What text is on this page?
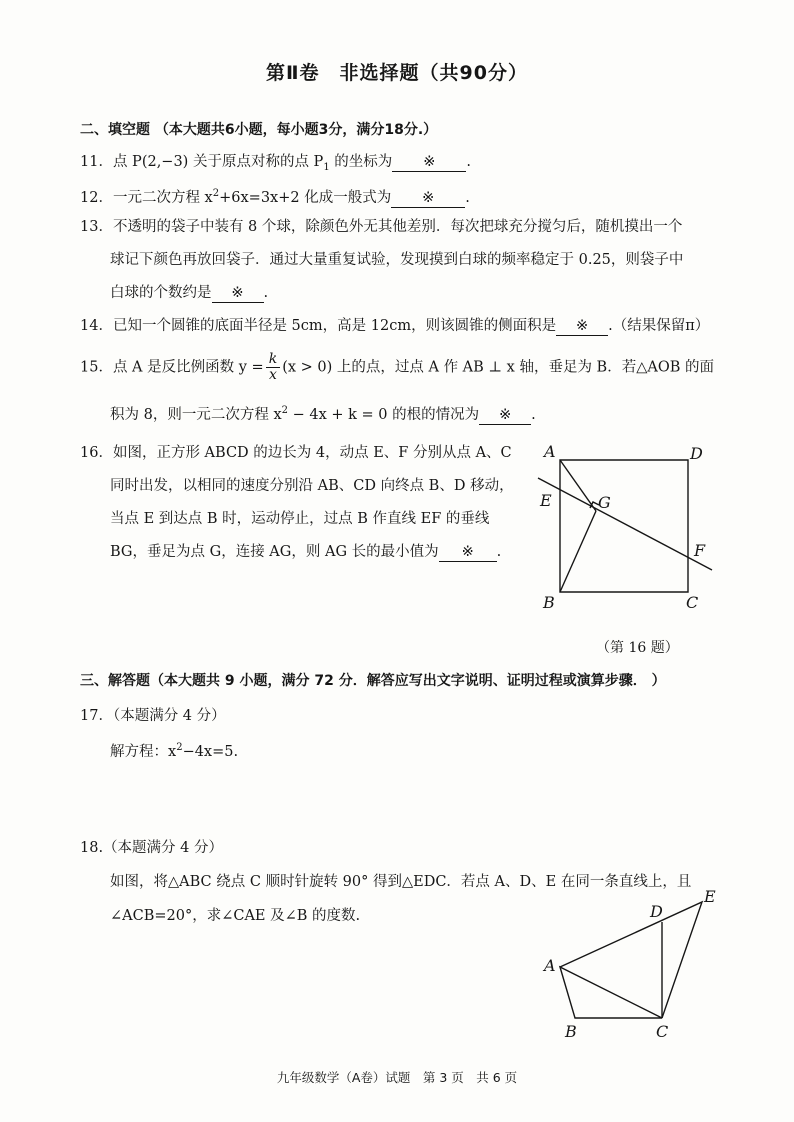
第Ⅱ卷　非选择题（共90分）
二、填空题 （本大题共6小题，每小题3分，满分18分.）
11．点 P(2,−3) 关于原点对称的点 $P_1$ 的坐标为 ※ .
12．一元二次方程 $x^2+6x=3x+2$ 化成一般式为 ※ .
13．不透明的袋子中装有 8 个球，除颜色外无其他差别．每次把球充分搅匀后，随机摸出一个
球记下颜色再放回袋子．通过大量重复试验，发现摸到白球的频率稳定于 0.25，则袋子中
白球的个数约是 ※ .
14．已知一个圆锥的底面半径是 5cm，高是 12cm，则该圆锥的侧面积是 ※ .（结果保留π）
15．点 A 是反比例函数 $y = \frac{k}{x} (x > 0)$ 上的点，过点 A 作 AB ⊥ x 轴，垂足为 B．若△AOB 的面
积为 8，则一元二次方程 $x^2 - 4x + k = 0$ 的根的情况为 ※ .
16．如图，正方形 ABCD 的边长为 4，动点 E、F 分别从点 A、C
同时出发，以相同的速度分别沿 AB、CD 向终点 B、D 移动，
当点 E 到达点 B 时，运动停止，过点 B 作直线 EF 的垂线
BG，垂足为点 G，连接 AG，则 AG 长的最小值为 ※ .
A	D
E	G
F
B	C
（第 16 题）
三、解答题（本大题共 9 小题，满分 72 分．解答应写出文字说明、证明过程或演算步骤． ）
17．（本题满分 4 分）
解方程：$x^2-4x=5$.
18.（本题满分 4 分）
如图，将△ABC 绕点 C 顺时针旋转 90° 得到△EDC．若点 A、D、E 在同一条直线上，且
∠ACB=20°，求∠CAE 及∠B 的度数.
A
B	C
D
E
九年级数学（A卷）试题　第 3 页　共 6 页
